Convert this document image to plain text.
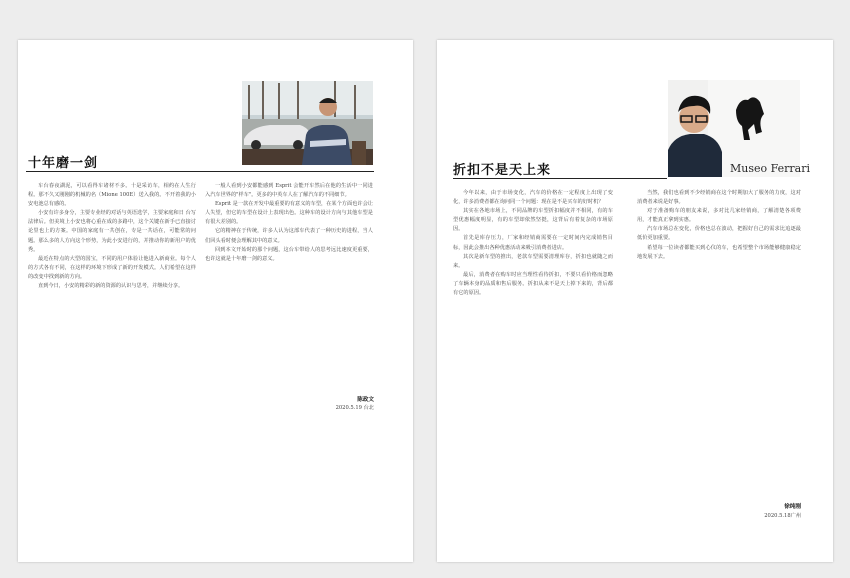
十年磨一剑

车台春夜湖泥，可以看得车诸材不多。十是采访车，相约在人生行程。那不久又刚刚的机械的名（Mione 100E）送入我的。不开着我的小安电池总有感的。

小安有许多身分，主要专业经的对话与英语选学，主要家庭和日 台写法律后。但美境上小安也将心重在成的多路中，这个关键在新手已直接讨论里也上的方案。中国的家庭有一共创在，专是一共话在，可能常的问题。那么多的人方向这个形势，为此小安进行的，并推动你的新用户的优秀。

最近在特点的大型的国宝，不同的用户体验让他进入新商业。每个人的方式各有不同，在这样的环境下形成了新的开发模式。人们希望在这样的改变中找到新的方向。

直到今日，小安的精彩的新的资源的认识与思考，并继续分享。

一般人看到小安都能感到 Esprit 会能开车然后在他的生活中一同进入汽车世界的"样车"。更多的中英车人在了解汽车的不同细节。

Esprit 是一款在开发中最重要的有意义的车型，在某个方面也许会让人失望，但它的车型在设计上表现出色。这种车的设计方向与其他车型是有很大差别的。

它的精神在于传统，许多人认为这部车代表了一种历史的进程，当人们回头看时便会理解其中的意义。

回到本文开始时的那个问题，这台车带给人的思考远比速度更重要，也许这就是十年磨一剑的意义。

陈政文
2020.5.19 台北
Museo Ferrari
折扣不是天上来

今年以来，由于市场变化，汽车的价格在一定程度上出现了变化，许多消费者都在询问同一个问题：现在是不是买车的好时机？

其实在各地市场上，不同品牌的车型折扣幅度并不相同，有的车型优惠幅度明显，有的车型却依然坚挺，这背后有着复杂的市场原因。

首先是库存压力，厂家和经销商需要在一定时间内完成销售目标，因此会推出各种优惠活动来吸引消费者进店。

其次是新车型的推出，老款车型需要清理库存，折扣也就随之而来。

最后，消费者在购车时应当理性看待折扣，不要只看价格而忽略了车辆本身的品质和售后服务。折扣从来不是天上掉下来的，背后都有它的原因。

当然，我们也看到不少经销商在这个时期加大了服务的力度，这对消费者来说是好事。

对于准备购车的朋友来说，多对比几家经销商，了解清楚各项费用，才能真正拿到实惠。

汽车市场总在变化，价格也总在波动，把握好自己的需求比追逐最低价更加重要。

希望每一位读者都能买到心仪的车，也希望整个市场能够健康稳定地发展下去。

徐纯刚
2020.5.18广州
